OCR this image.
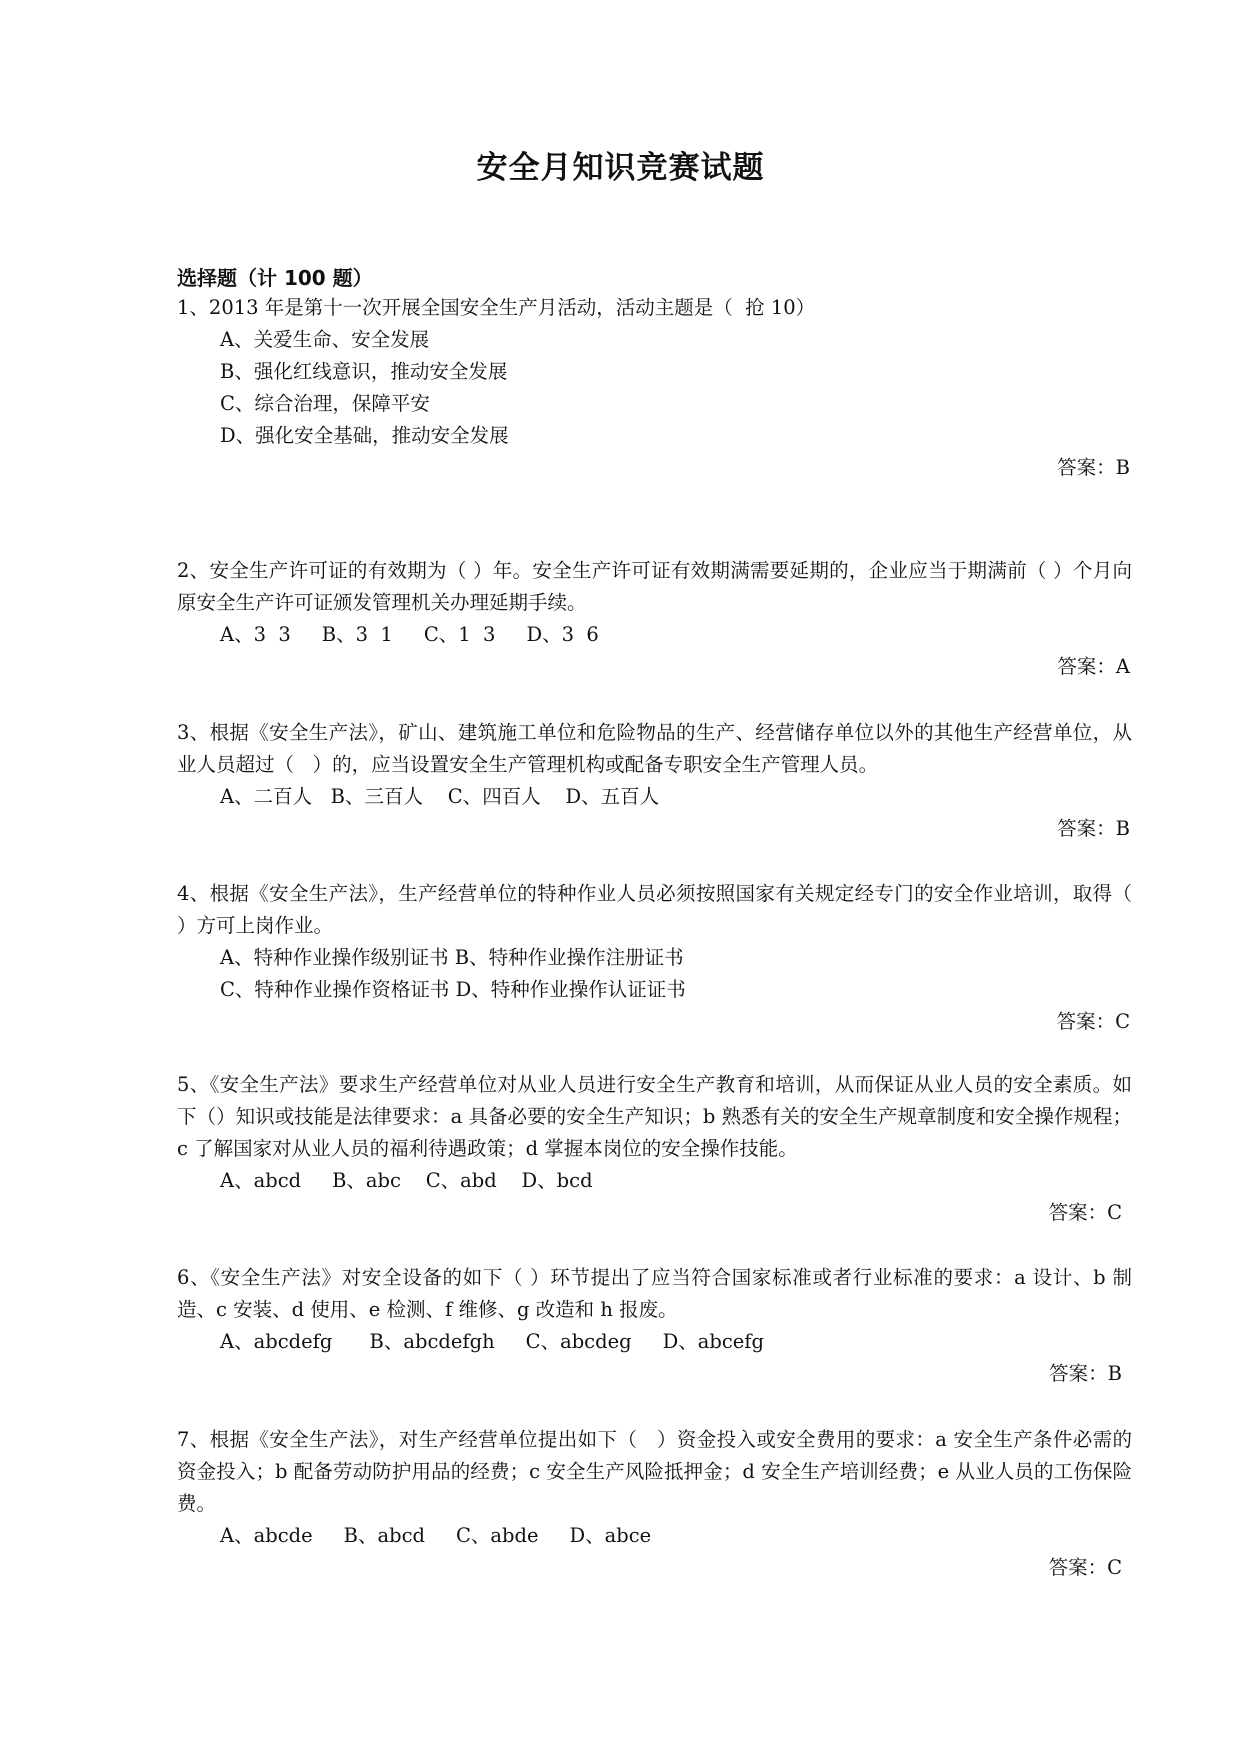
安全月知识竞赛试题
选择题（计 100 题）

1、2013 年是第十一次开展全国安全生产月活动，活动主题是（  抢 10）

A、关爱生命、安全发展

B、强化红线意识，推动安全发展

C、综合治理，保障平安

D、强化安全基础，推动安全发展

答案：B

2、安全生产许可证的有效期为（ ）年。安全生产许可证有效期满需要延期的，企业应当于期满前（ ）个月向原安全生产许可证颁发管理机关办理延期手续。

A、3  3     B、3  1     C、1  3     D、3  6

答案：A

3、根据《安全生产法》，矿山、建筑施工单位和危险物品的生产、经营储存单位以外的其他生产经营单位，从业人员超过（   ）的，应当设置安全生产管理机构或配备专职安全生产管理人员。

A、二百人   B、三百人    C、四百人    D、五百人

答案：B

4、根据《安全生产法》，生产经营单位的特种作业人员必须按照国家有关规定经专门的安全作业培训，取得（   ）方可上岗作业。

A、特种作业操作级别证书 B、特种作业操作注册证书

C、特种作业操作资格证书 D、特种作业操作认证证书

答案：C

5、《安全生产法》要求生产经营单位对从业人员进行安全生产教育和培训，从而保证从业人员的安全素质。如下（）知识或技能是法律要求：a 具备必要的安全生产知识；b 熟悉有关的安全生产规章制度和安全操作规程；c 了解国家对从业人员的福利待遇政策；d 掌握本岗位的安全操作技能。

A、abcd     B、abc    C、abd    D、bcd

答案：C

6、《安全生产法》对安全设备的如下（ ）环节提出了应当符合国家标准或者行业标准的要求：a 设计、b 制造、c 安装、d 使用、e 检测、f 维修、g 改造和 h 报废。

A、abcdefg      B、abcdefgh     C、abcdeg     D、abcefg

答案：B

7、根据《安全生产法》，对生产经营单位提出如下（   ）资金投入或安全费用的要求：a 安全生产条件必需的资金投入；b 配备劳动防护用品的经费；c 安全生产风险抵押金；d 安全生产培训经费；e 从业人员的工伤保险费。

A、abcde     B、abcd     C、abde     D、abce

答案：C
